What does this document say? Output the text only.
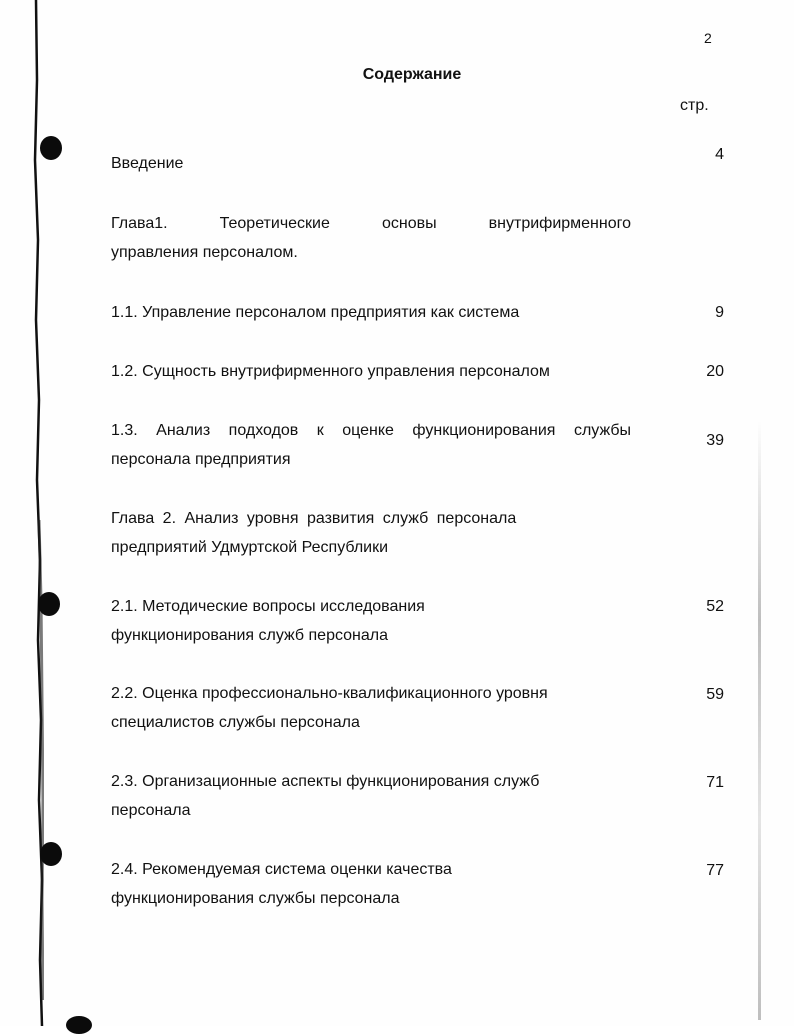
2
Содержание
стр.
Введение
4
Глава1. Теоретические основы внутрифирменного
управления персоналом.
1.1. Управление персоналом предприятия как система	9
1.2. Сущность внутрифирменного управления персоналом	20
1.3. Анализ подходов к оценке функционирования службы
персонала предприятия
39
Глава 2. Анализ уровня развития служб персонала
предприятий Удмуртской Республики
2.1. Методические вопросы исследования
функционирования служб персонала
52
2.2. Оценка профессионально-квалификационного уровня
специалистов службы персонала
59
2.3. Организационные аспекты функционирования служб
персонала
71
2.4. Рекомендуемая система оценки качества
функционирования службы персонала
77
